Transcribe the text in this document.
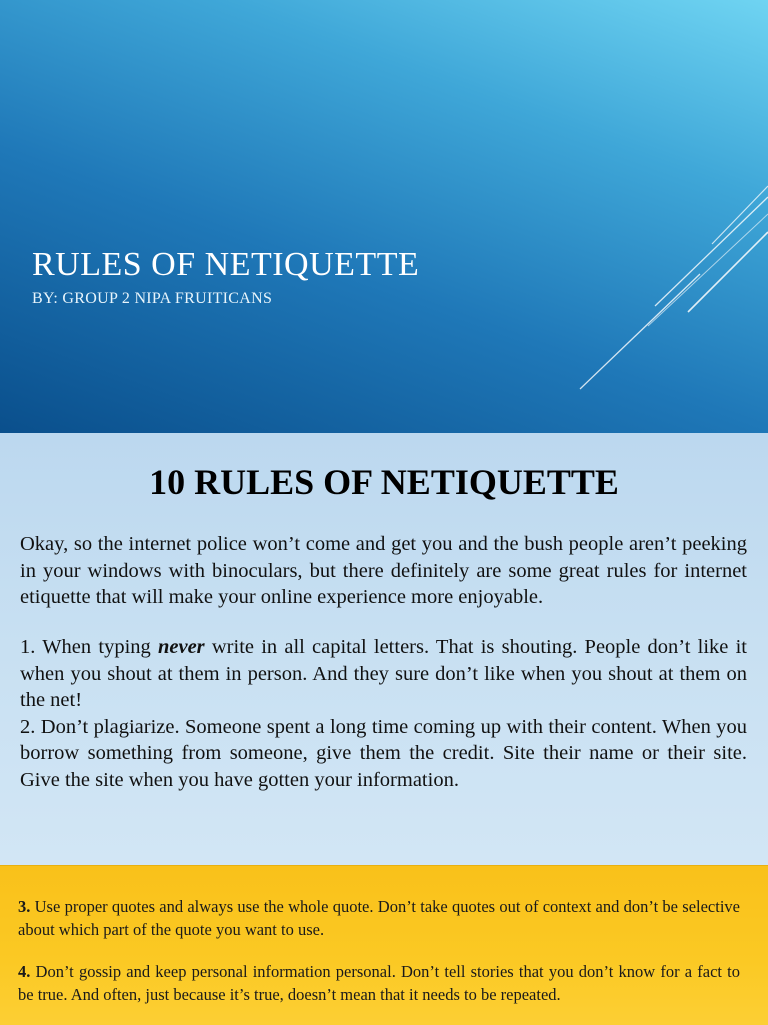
RULES OF NETIQUETTE
BY: GROUP 2 NIPA FRUITICANS
10 RULES OF NETIQUETTE

Okay, so the internet police won’t come and get you and the bush people aren’t peeking in your windows with binoculars, but there definitely are some great rules for internet etiquette that will make your online experience more enjoyable.

1. When typing never write in all capital letters. That is shouting. People don’t like it when you shout at them in person. And they sure don’t like when you shout at them on the net!

2. Don’t plagiarize. Someone spent a long time coming up with their content. When you borrow something from someone, give them the credit. Site their name or their site. Give the site when you have gotten your information.

3. Use proper quotes and always use the whole quote. Don’t take quotes out of context and don’t be selective about which part of the quote you want to use.

4. Don’t gossip and keep personal information personal. Don’t tell stories that you don’t know for a fact to be true. And often, just because it’s true, doesn’t mean that it needs to be repeated.
